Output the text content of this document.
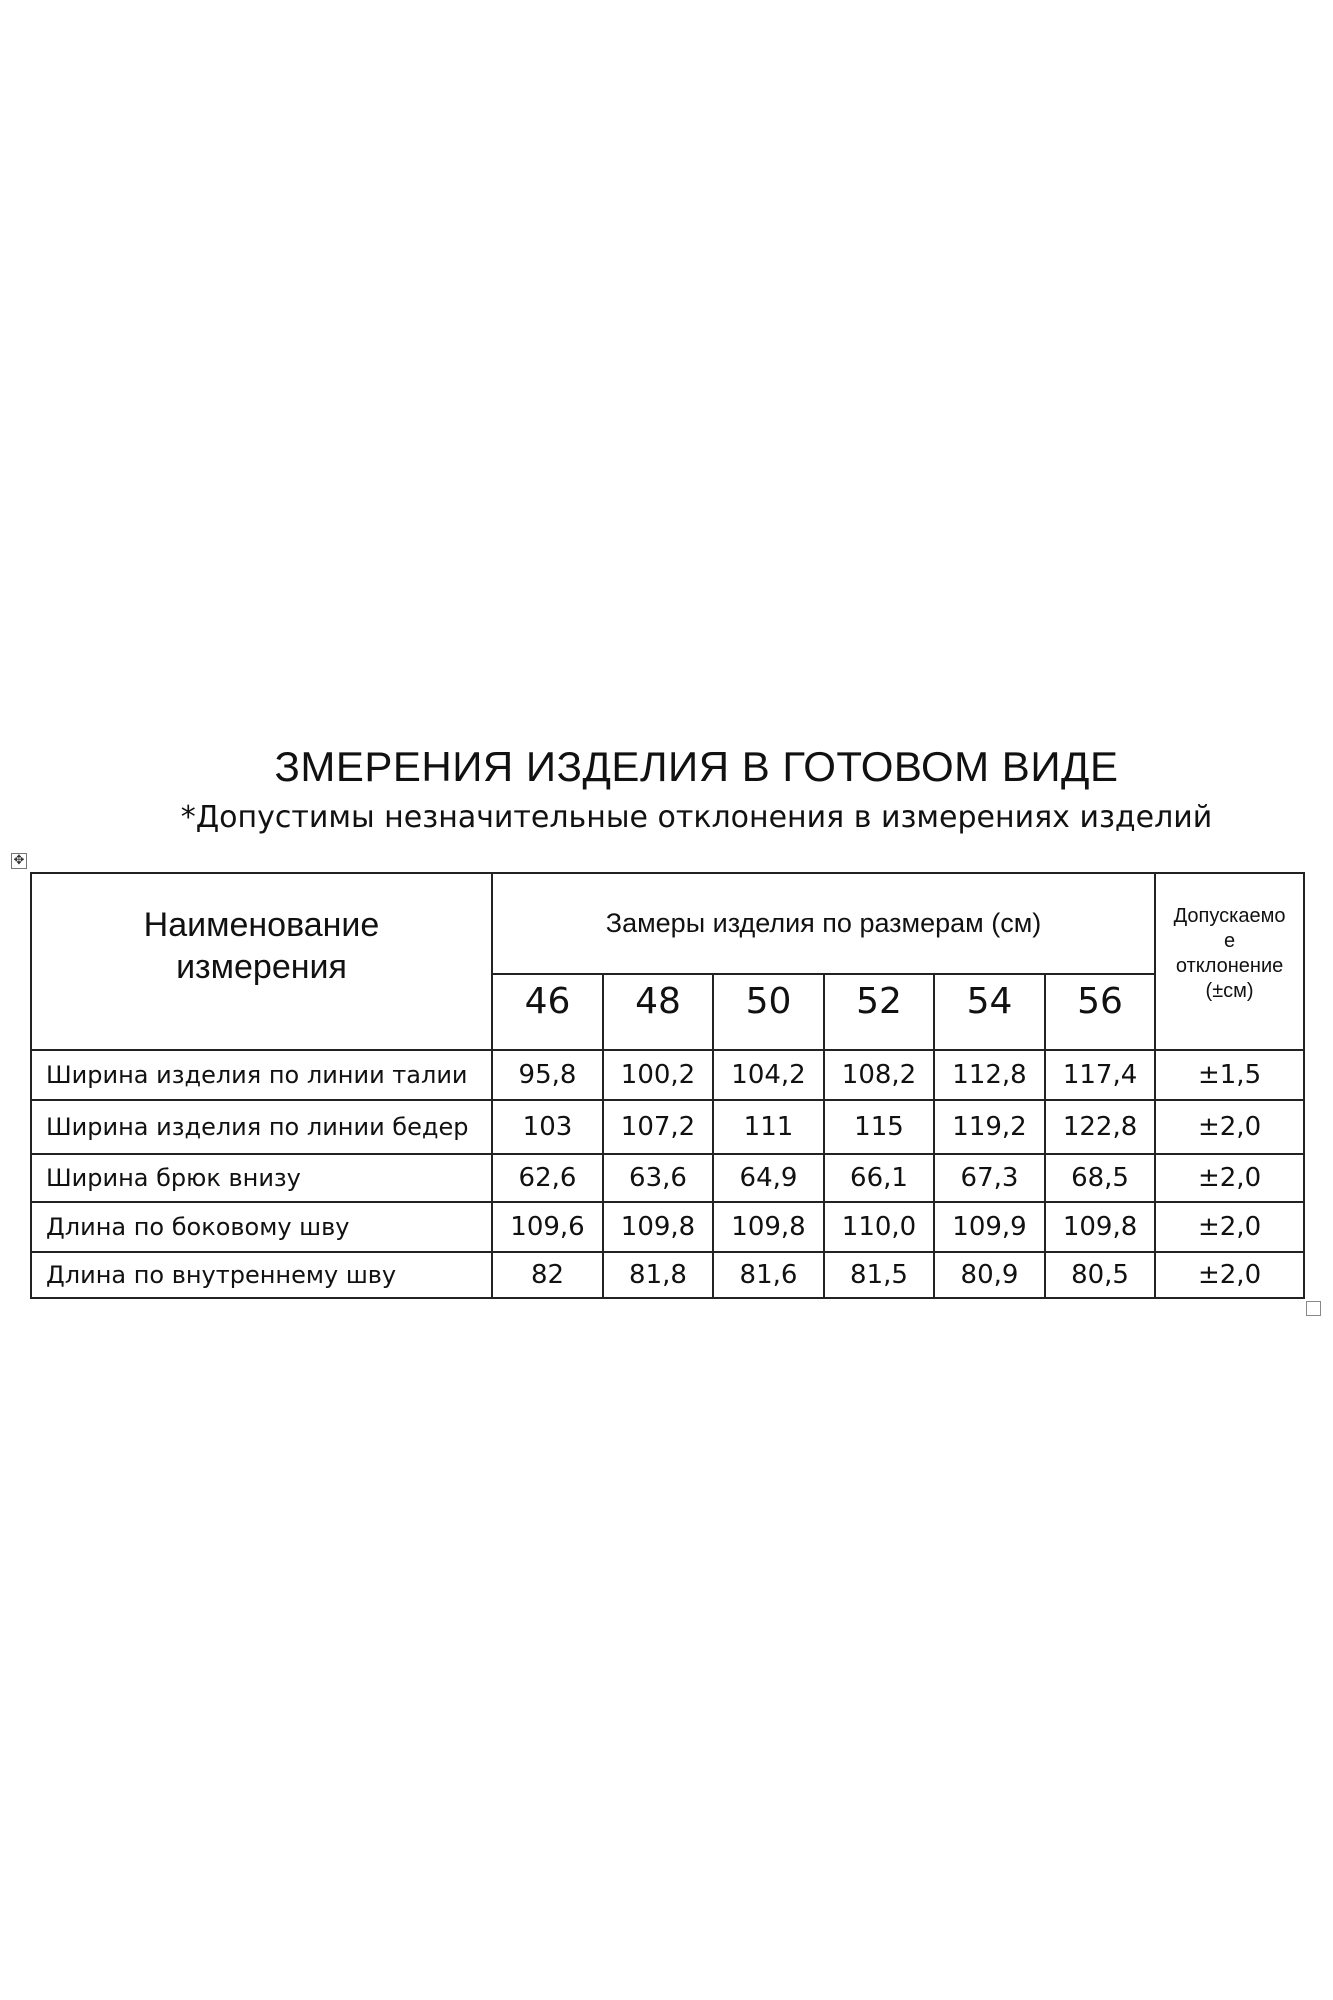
ЗМЕРЕНИЯ ИЗДЕЛИЯ В ГОТОВОМ ВИДЕ
*Допустимы незначительные отклонения в измерениях изделий
✥
Наименование
измерения	Замеры изделия по размерам (см)						Допускаемо
е
отклонение
(±см)
	46	48	50	52	54	56	
Ширина изделия по линии талии	95,8	100,2	104,2	108,2	112,8	117,4	±1,5
Ширина изделия по линии бедер	103	107,2	111	115	119,2	122,8	±2,0
Ширина брюк внизу	62,6	63,6	64,9	66,1	67,3	68,5	±2,0
Длина по боковому шву	109,6	109,8	109,8	110,0	109,9	109,8	±2,0
Длина по внутреннему шву	82	81,8	81,6	81,5	80,9	80,5	±2,0
